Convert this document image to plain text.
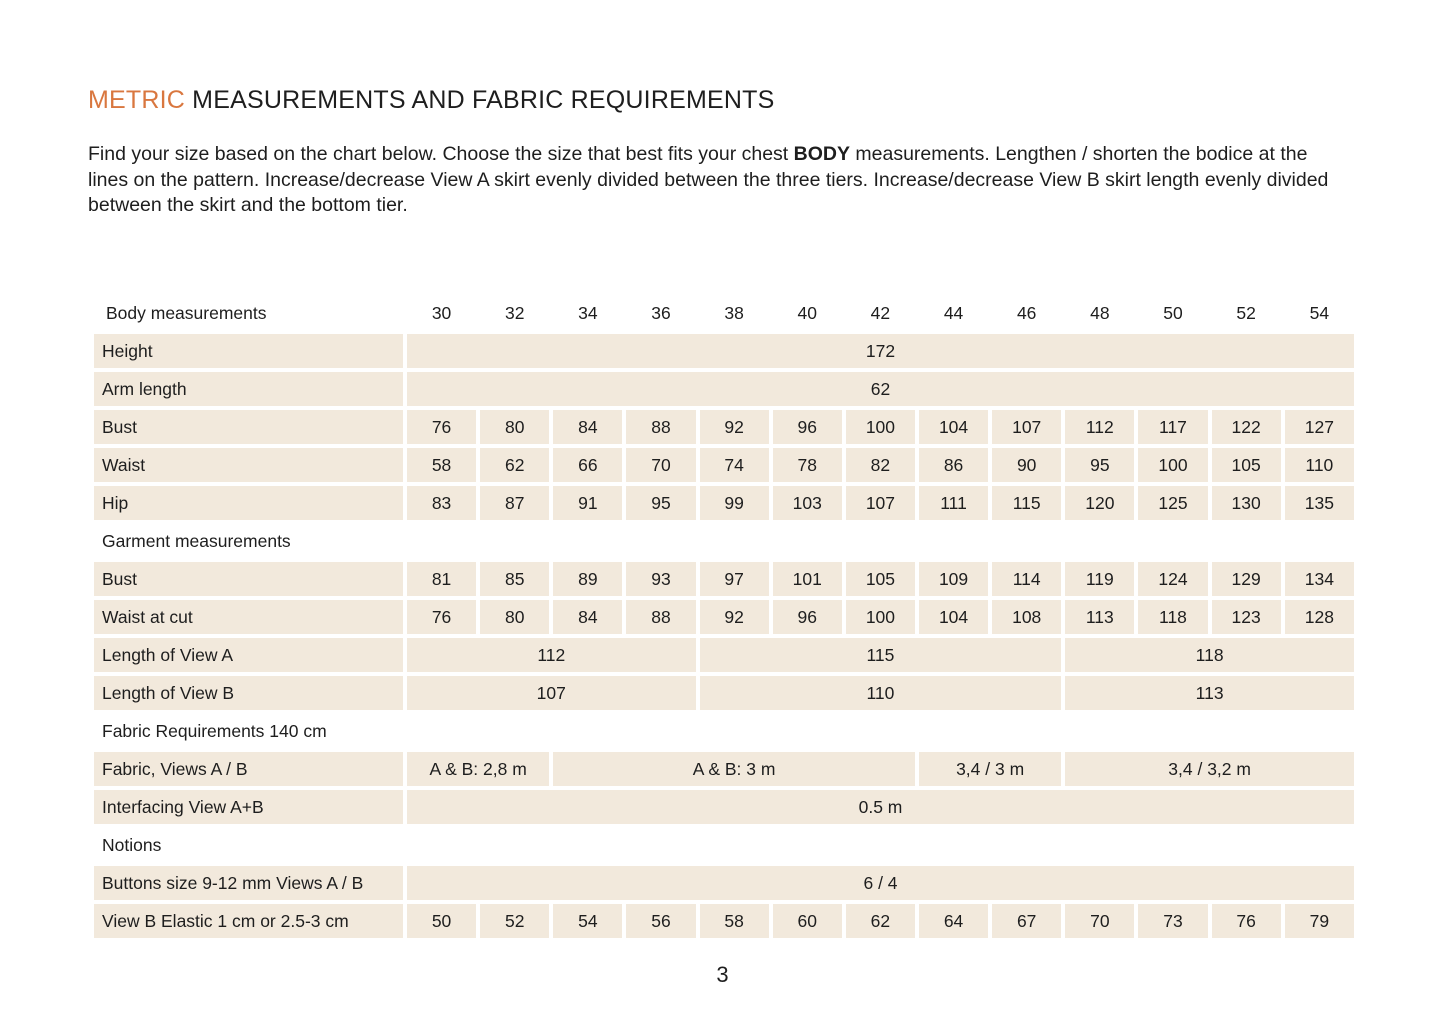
METRIC MEASUREMENTS AND FABRIC REQUIREMENTS
Find your size based on the chart below. Choose the size that best fits your chest BODY measurements. Lengthen / shorten the bodice at the lines on the pattern. Increase/decrease View A skirt evenly divided between the three tiers. Increase/decrease View B skirt length evenly divided between the skirt and the bottom tier.
Body measurements	30	32	34	36	38	40	42	44	46	48	50	52	54
Height	172												
Arm length	62												
Bust	76	80	84	88	92	96	100	104	107	112	117	122	127
Waist	58	62	66	70	74	78	82	86	90	95	100	105	110
Hip	83	87	91	95	99	103	107	111	115	120	125	130	135
Garment measurements													
Bust	81	85	89	93	97	101	105	109	114	119	124	129	134
Waist at cut	76	80	84	88	92	96	100	104	108	113	118	123	128
Length of View A	112				115					118			
Length of View B	107				110					113			
Fabric Requirements 140 cm													
Fabric, Views A / B	A & B: 2,8 m		A & B: 3 m					3,4 / 3 m		3,4 / 3,2 m			
Interfacing View A+B	0.5 m												
Notions													
Buttons size 9-12 mm Views A / B	6 / 4												
View B Elastic 1 cm or 2.5-3 cm	50	52	54	56	58	60	62	64	67	70	73	76	79
3
